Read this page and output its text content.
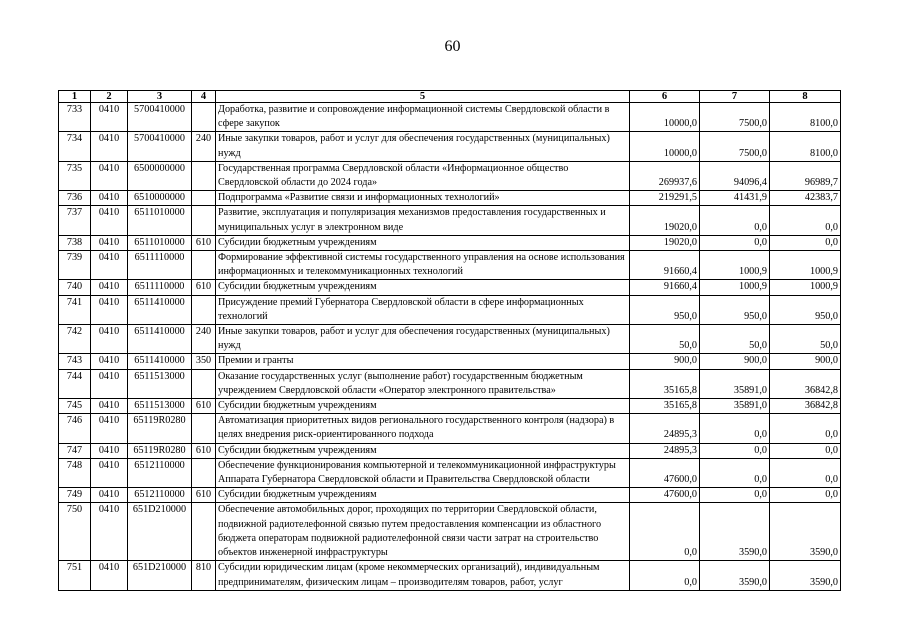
60
1	2	3	4	5	6	7	8
733	0410	5700410000		Доработка, развитие и сопровождение информационной системы Свердловской области в сфере закупок	10000,0	7500,0	8100,0
734	0410	5700410000	240	Иные закупки товаров, работ и услуг для обеспечения государственных (муниципальных) нужд	10000,0	7500,0	8100,0
735	0410	6500000000		Государственная программа Свердловской области «Информационное общество Свердловской области до 2024 года»	269937,6	94096,4	96989,7
736	0410	6510000000		Подпрограмма «Развитие связи и информационных технологий»	219291,5	41431,9	42383,7
737	0410	6511010000		Развитие, эксплуатация и популяризация механизмов предоставления государственных и муниципальных услуг в электронном виде	19020,0	0,0	0,0
738	0410	6511010000	610	Субсидии бюджетным учреждениям	19020,0	0,0	0,0
739	0410	6511110000		Формирование эффективной системы государственного управления на основе использования информационных и телекоммуникационных технологий	91660,4	1000,9	1000,9
740	0410	6511110000	610	Субсидии бюджетным учреждениям	91660,4	1000,9	1000,9
741	0410	6511410000		Присуждение премий Губернатора Свердловской области в сфере информационных технологий	950,0	950,0	950,0
742	0410	6511410000	240	Иные закупки товаров, работ и услуг для обеспечения государственных (муниципальных) нужд	50,0	50,0	50,0
743	0410	6511410000	350	Премии и гранты	900,0	900,0	900,0
744	0410	6511513000		Оказание государственных услуг (выполнение работ) государственным бюджетным учреждением Свердловской области «Оператор электронного правительства»	35165,8	35891,0	36842,8
745	0410	6511513000	610	Субсидии бюджетным учреждениям	35165,8	35891,0	36842,8
746	0410	65119R0280		Автоматизация приоритетных видов регионального государственного контроля (надзора) в целях внедрения риск-ориентированного подхода	24895,3	0,0	0,0
747	0410	65119R0280	610	Субсидии бюджетным учреждениям	24895,3	0,0	0,0
748	0410	6512110000		Обеспечение функционирования компьютерной и телекоммуникационной инфраструктуры Аппарата Губернатора Свердловской области и Правительства Свердловской области	47600,0	0,0	0,0
749	0410	6512110000	610	Субсидии бюджетным учреждениям	47600,0	0,0	0,0
750	0410	651D210000		Обеспечение автомобильных дорог, проходящих по территории Свердловской области, подвижной радиотелефонной связью путем предоставления компенсации из областного бюджета операторам подвижной радиотелефонной связи части затрат на строительство объектов инженерной инфраструктуры	0,0	3590,0	3590,0
751	0410	651D210000	810	Субсидии юридическим лицам (кроме некоммерческих организаций), индивидуальным предпринимателям, физическим лицам – производителям товаров, работ, услуг	0,0	3590,0	3590,0
